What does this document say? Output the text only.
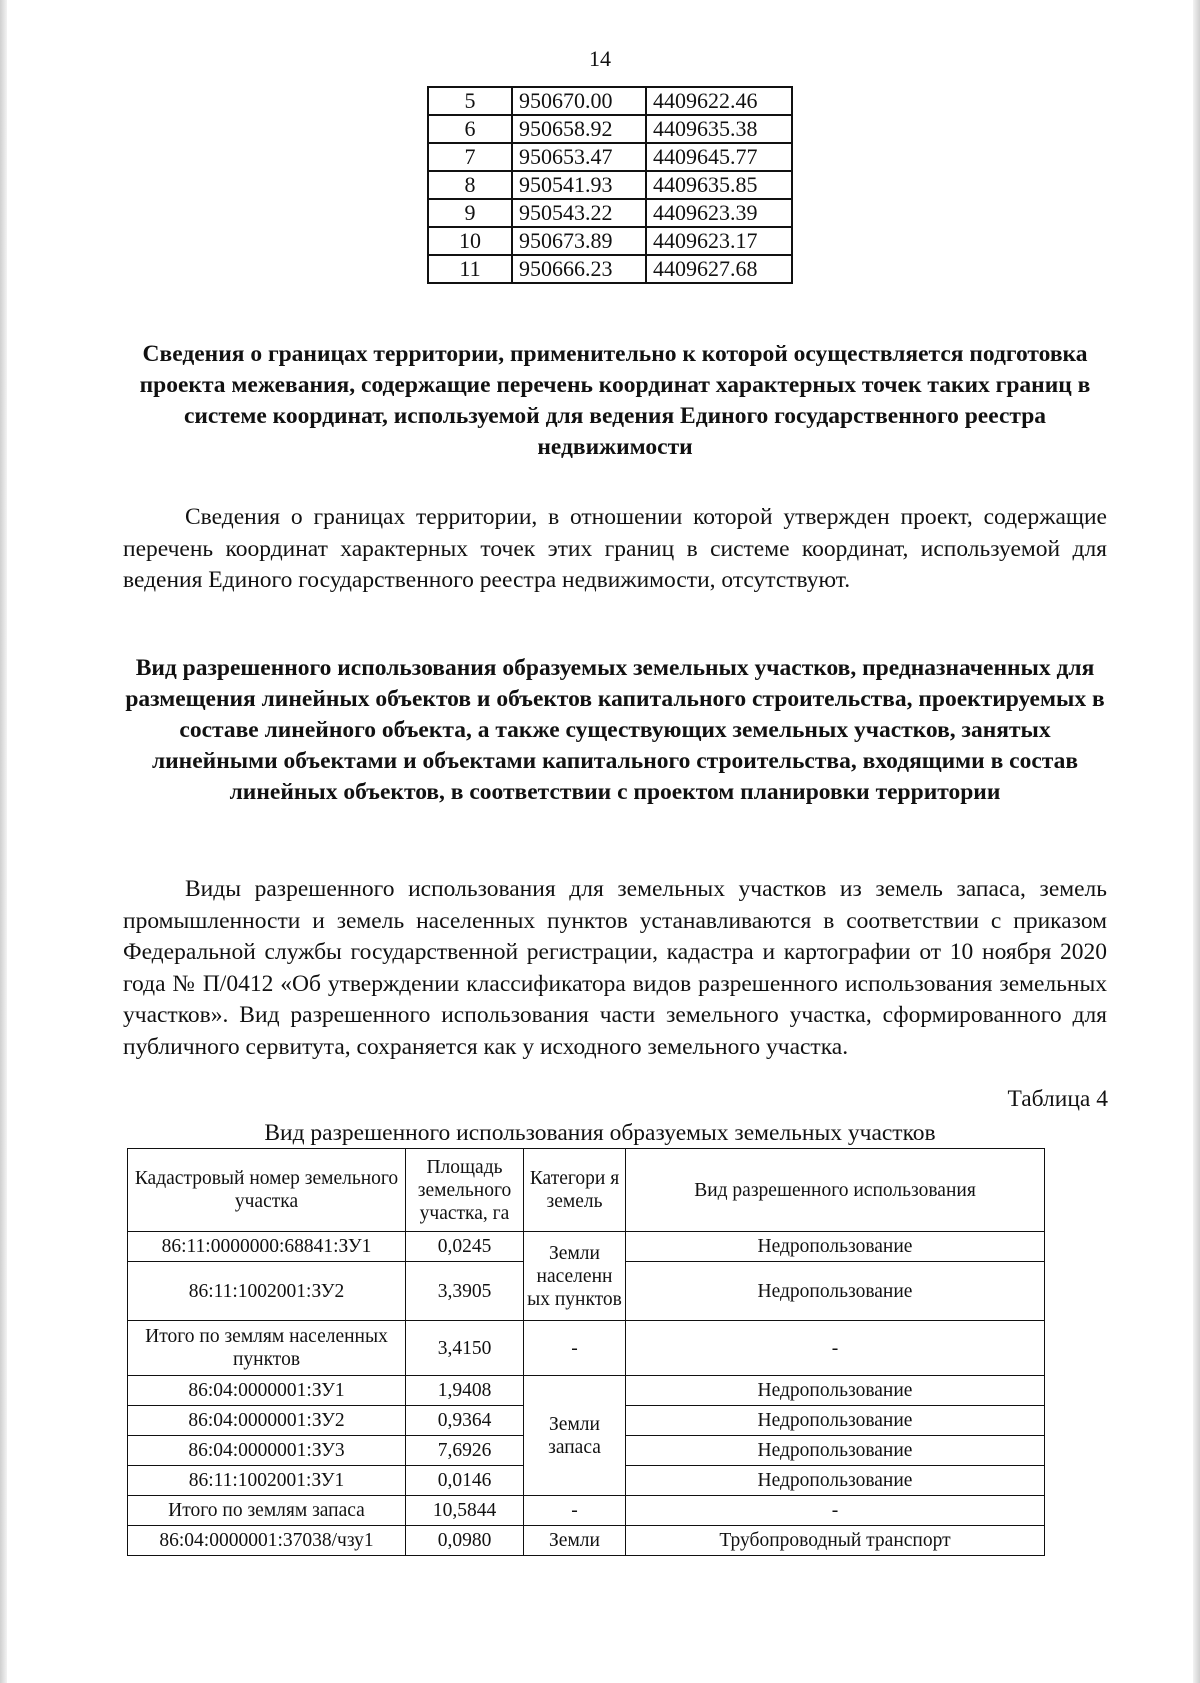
14
5	950670.00	4409622.46
6	950658.92	4409635.38
7	950653.47	4409645.77
8	950541.93	4409635.85
9	950543.22	4409623.39
10	950673.89	4409623.17
11	950666.23	4409627.68

Сведения о границах территории, применительно к которой осуществляется подготовка проекта межевания, содержащие перечень координат характерных точек таких границ в системе координат, используемой для ведения Единого государственного реестра недвижимости

Сведения о границах территории, в отношении которой утвержден проект, содержащие перечень координат характерных точек этих границ в системе координат, используемой для ведения Единого государственного реестра недвижимости, отсутствуют.

Вид разрешенного использования образуемых земельных участков, предназначенных для размещения линейных объектов и объектов капитального строительства, проектируемых в составе линейного объекта, а также существующих земельных участков, занятых линейными объектами и объектами капитального строительства, входящими в состав линейных объектов, в соответствии с проектом планировки территории

Виды разрешенного использования для земельных участков из земель запаса, земель промышленности и земель населенных пунктов устанавливаются в соответствии с приказом Федеральной службы государственной регистрации, кадастра и картографии от 10 ноября 2020 года № П/0412 «Об утверждении классификатора видов разрешенного использования земельных участков». Вид разрешенного использования части земельного участка, сформированного для публичного сервитута, сохраняется как у исходного земельного участка.

Таблица 4
Вид разрешенного использования образуемых земельных участков
Кадастровый номер земельного участка	Площадь земельного участка, га	Категори я земель	Вид разрешенного использования
86:11:0000000:68841:ЗУ1	0,0245	Земли населенн ых пунктов	Недропользование
86:11:1002001:ЗУ2	3,3905		Недропользование
Итого по землям населенных пунктов	3,4150	-	-
86:04:0000001:ЗУ1	1,9408	Земли запаса	Недропользование
86:04:0000001:ЗУ2	0,9364		Недропользование
86:04:0000001:ЗУ3	7,6926		Недропользование
86:11:1002001:ЗУ1	0,0146		Недропользование
Итого по землям запаса	10,5844	-	-
86:04:0000001:37038/чзу1	0,0980	Земли	Трубопроводный транспорт
